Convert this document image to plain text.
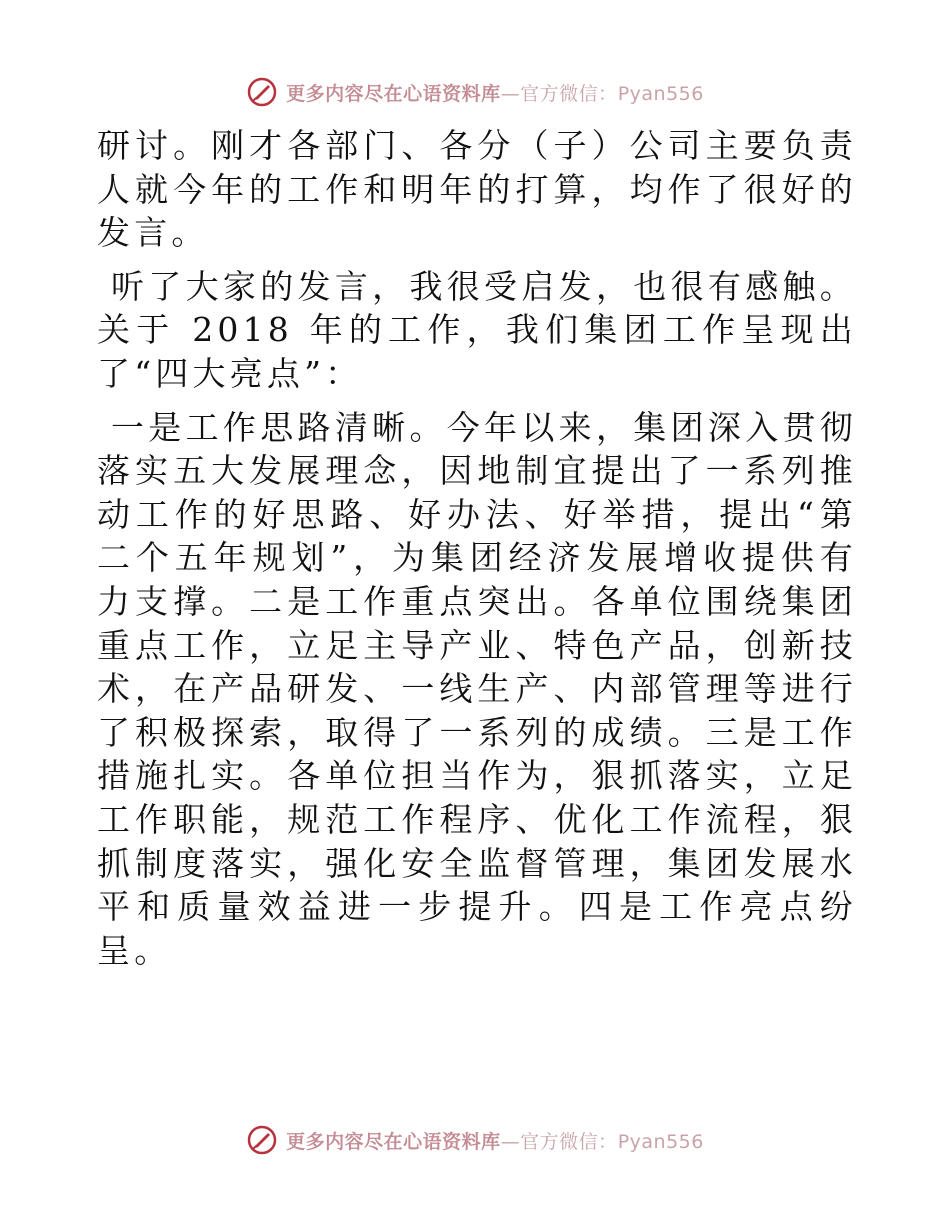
更多内容尽在心语资料库—官方微信：Pyan556

研讨。刚才各部门、各分（子）公司主要负责人就今年的工作和明年的打算，均作了很好的发言。

听了大家的发言，我很受启发，也很有感触。关于 2018 年的工作，我们集团工作呈现出了“四大亮点”：

一是工作思路清晰。今年以来，集团深入贯彻落实五大发展理念，因地制宜提出了一系列推动工作的好思路、好办法、好举措，提出“第二个五年规划”，为集团经济发展增收提供有力支撑。二是工作重点突出。各单位围绕集团重点工作，立足主导产业、特色产品，创新技术，在产品研发、一线生产、内部管理等进行了积极探索，取得了一系列的成绩。三是工作措施扎实。各单位担当作为，狠抓落实，立足工作职能，规范工作程序、优化工作流程，狠抓制度落实，强化安全监督管理，集团发展水平和质量效益进一步提升。四是工作亮点纷呈。

更多内容尽在心语资料库—官方微信：Pyan556
